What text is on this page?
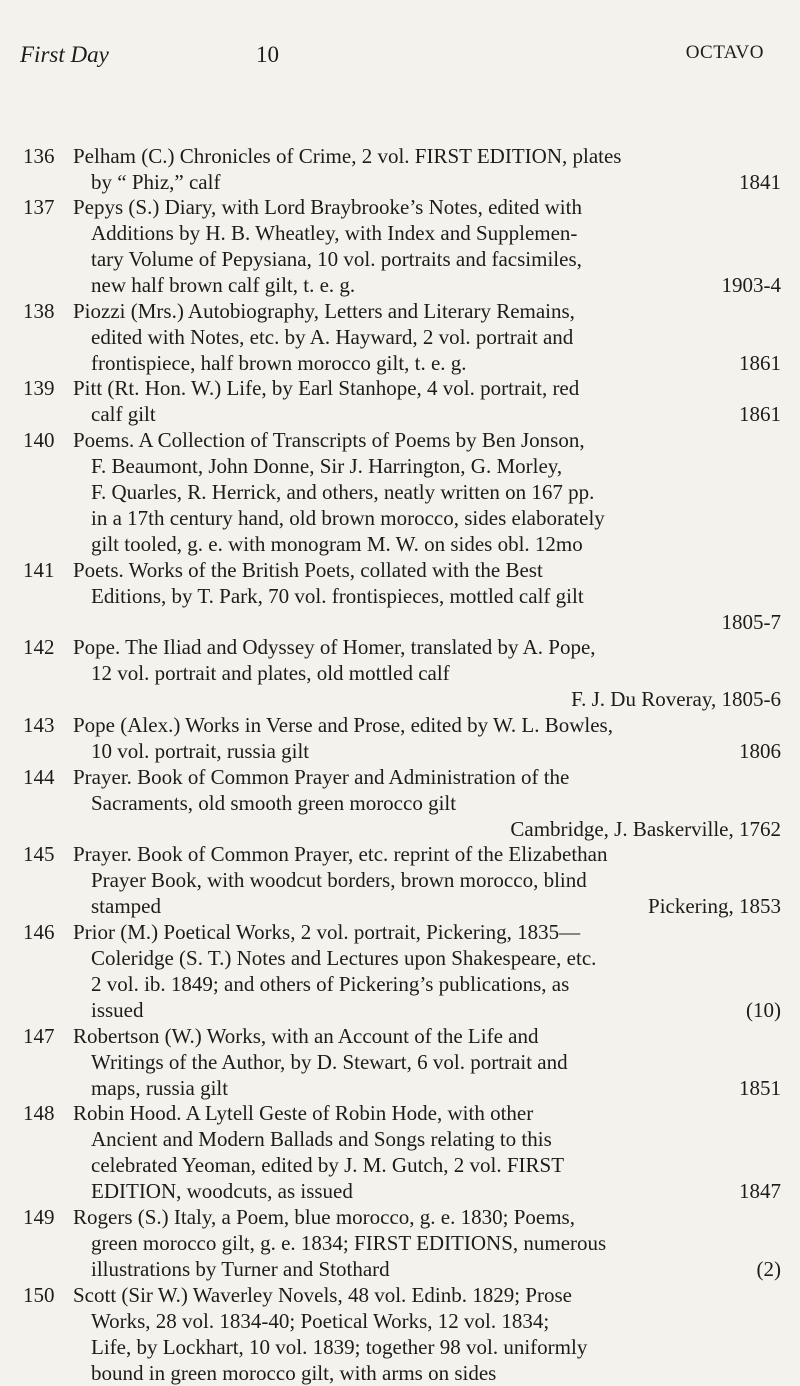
First Day	10	OCTAVO
136 Pelham (C.) Chronicles of Crime, 2 vol. FIRST EDITION, plates
by “ Phiz,” calf	1841
137 Pepys (S.) Diary, with Lord Braybrooke’s Notes, edited with
Additions by H. B. Wheatley, with Index and Supplemen-
tary Volume of Pepysiana, 10 vol. portraits and facsimiles,
new half brown calf gilt, t. e. g.	1903-4
138 Piozzi (Mrs.) Autobiography, Letters and Literary Remains,
edited with Notes, etc. by A. Hayward, 2 vol. portrait and
frontispiece, half brown morocco gilt, t. e. g.	1861
139 Pitt (Rt. Hon. W.) Life, by Earl Stanhope, 4 vol. portrait, red
calf gilt	1861
140 Poems. A Collection of Transcripts of Poems by Ben Jonson,
F. Beaumont, John Donne, Sir J. Harrington, G. Morley,
F. Quarles, R. Herrick, and others, neatly written on 167 pp.
in a 17th century hand, old brown morocco, sides elaborately
gilt tooled, g. e. with monogram M. W. on sides obl. 12mo
141 Poets. Works of the British Poets, collated with the Best
Editions, by T. Park, 70 vol. frontispieces, mottled calf gilt
1805-7
142 Pope. The Iliad and Odyssey of Homer, translated by A. Pope,
12 vol. portrait and plates, old mottled calf
F. J. Du Roveray, 1805-6
143 Pope (Alex.) Works in Verse and Prose, edited by W. L. Bowles,
10 vol. portrait, russia gilt	1806
144 Prayer. Book of Common Prayer and Administration of the
Sacraments, old smooth green morocco gilt
Cambridge, J. Baskerville, 1762
145 Prayer. Book of Common Prayer, etc. reprint of the Elizabethan
Prayer Book, with woodcut borders, brown morocco, blind
stamped	Pickering, 1853
146 Prior (M.) Poetical Works, 2 vol. portrait, Pickering, 1835—
Coleridge (S. T.) Notes and Lectures upon Shakespeare, etc.
2 vol. ib. 1849; and others of Pickering’s publications, as
issued	(10)
147 Robertson (W.) Works, with an Account of the Life and
Writings of the Author, by D. Stewart, 6 vol. portrait and
maps, russia gilt	1851
148 Robin Hood. A Lytell Geste of Robin Hode, with other
Ancient and Modern Ballads and Songs relating to this
celebrated Yeoman, edited by J. M. Gutch, 2 vol. FIRST
EDITION, woodcuts, as issued	1847
149 Rogers (S.) Italy, a Poem, blue morocco, g. e. 1830; Poems,
green morocco gilt, g. e. 1834; FIRST EDITIONS, numerous
illustrations by Turner and Stothard	(2)
150 Scott (Sir W.) Waverley Novels, 48 vol. Edinb. 1829; Prose
Works, 28 vol. 1834-40; Poetical Works, 12 vol. 1834;
Life, by Lockhart, 10 vol. 1839; together 98 vol. uniformly
bound in green morocco gilt, with arms on sides
